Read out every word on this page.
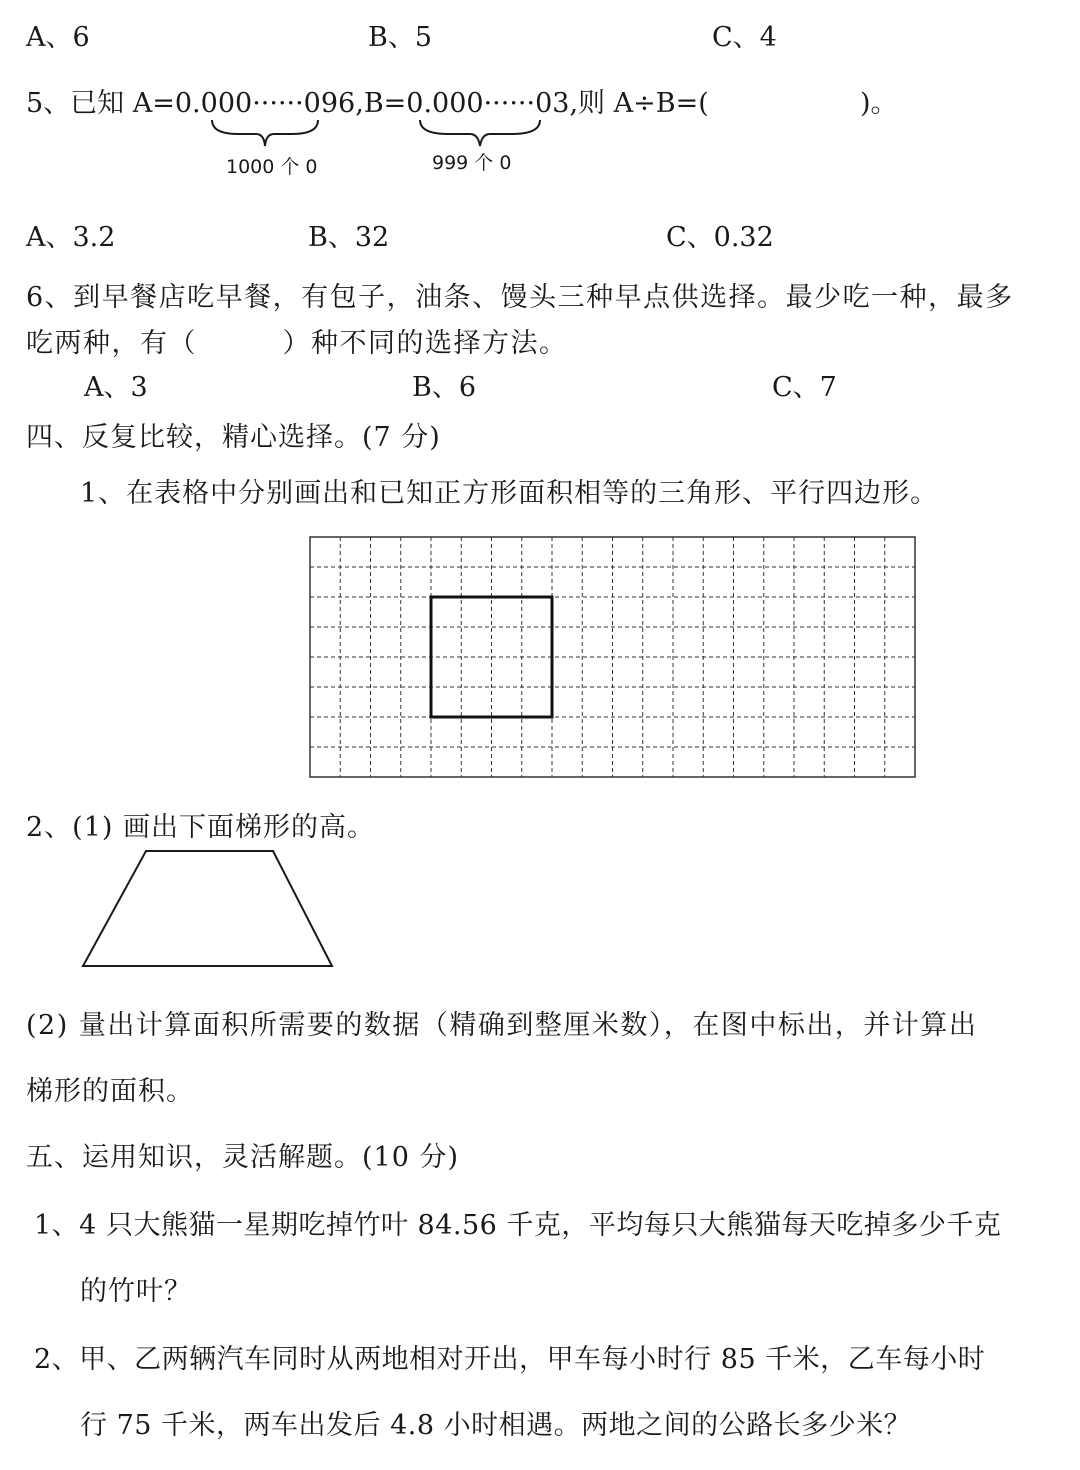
A、6	B、5	C、4
5、已知 A=0.000······096,B=0.000······03,则 A÷B=(	)。
1000 个 0	999 个 0
A、3.2	B、32	C、0.32
6、到早餐店吃早餐，有包子，油条、馒头三种早点供选择。最少吃一种，最多
吃两种，有（　　　）种不同的选择方法。
A、3	B、6	C、7
四、反复比较，精心选择。(7 分)
1、在表格中分别画出和已知正方形面积相等的三角形、平行四边形。
2、(1) 画出下面梯形的高。
(2) 量出计算面积所需要的数据（精确到整厘米数），在图中标出，并计算出
梯形的面积。
五、运用知识，灵活解题。(10 分)
1、4 只大熊猫一星期吃掉竹叶 84.56 千克，平均每只大熊猫每天吃掉多少千克
的竹叶？
2、甲、乙两辆汽车同时从两地相对开出，甲车每小时行 85 千米，乙车每小时
行 75 千米，两车出发后 4.8 小时相遇。两地之间的公路长多少米？
